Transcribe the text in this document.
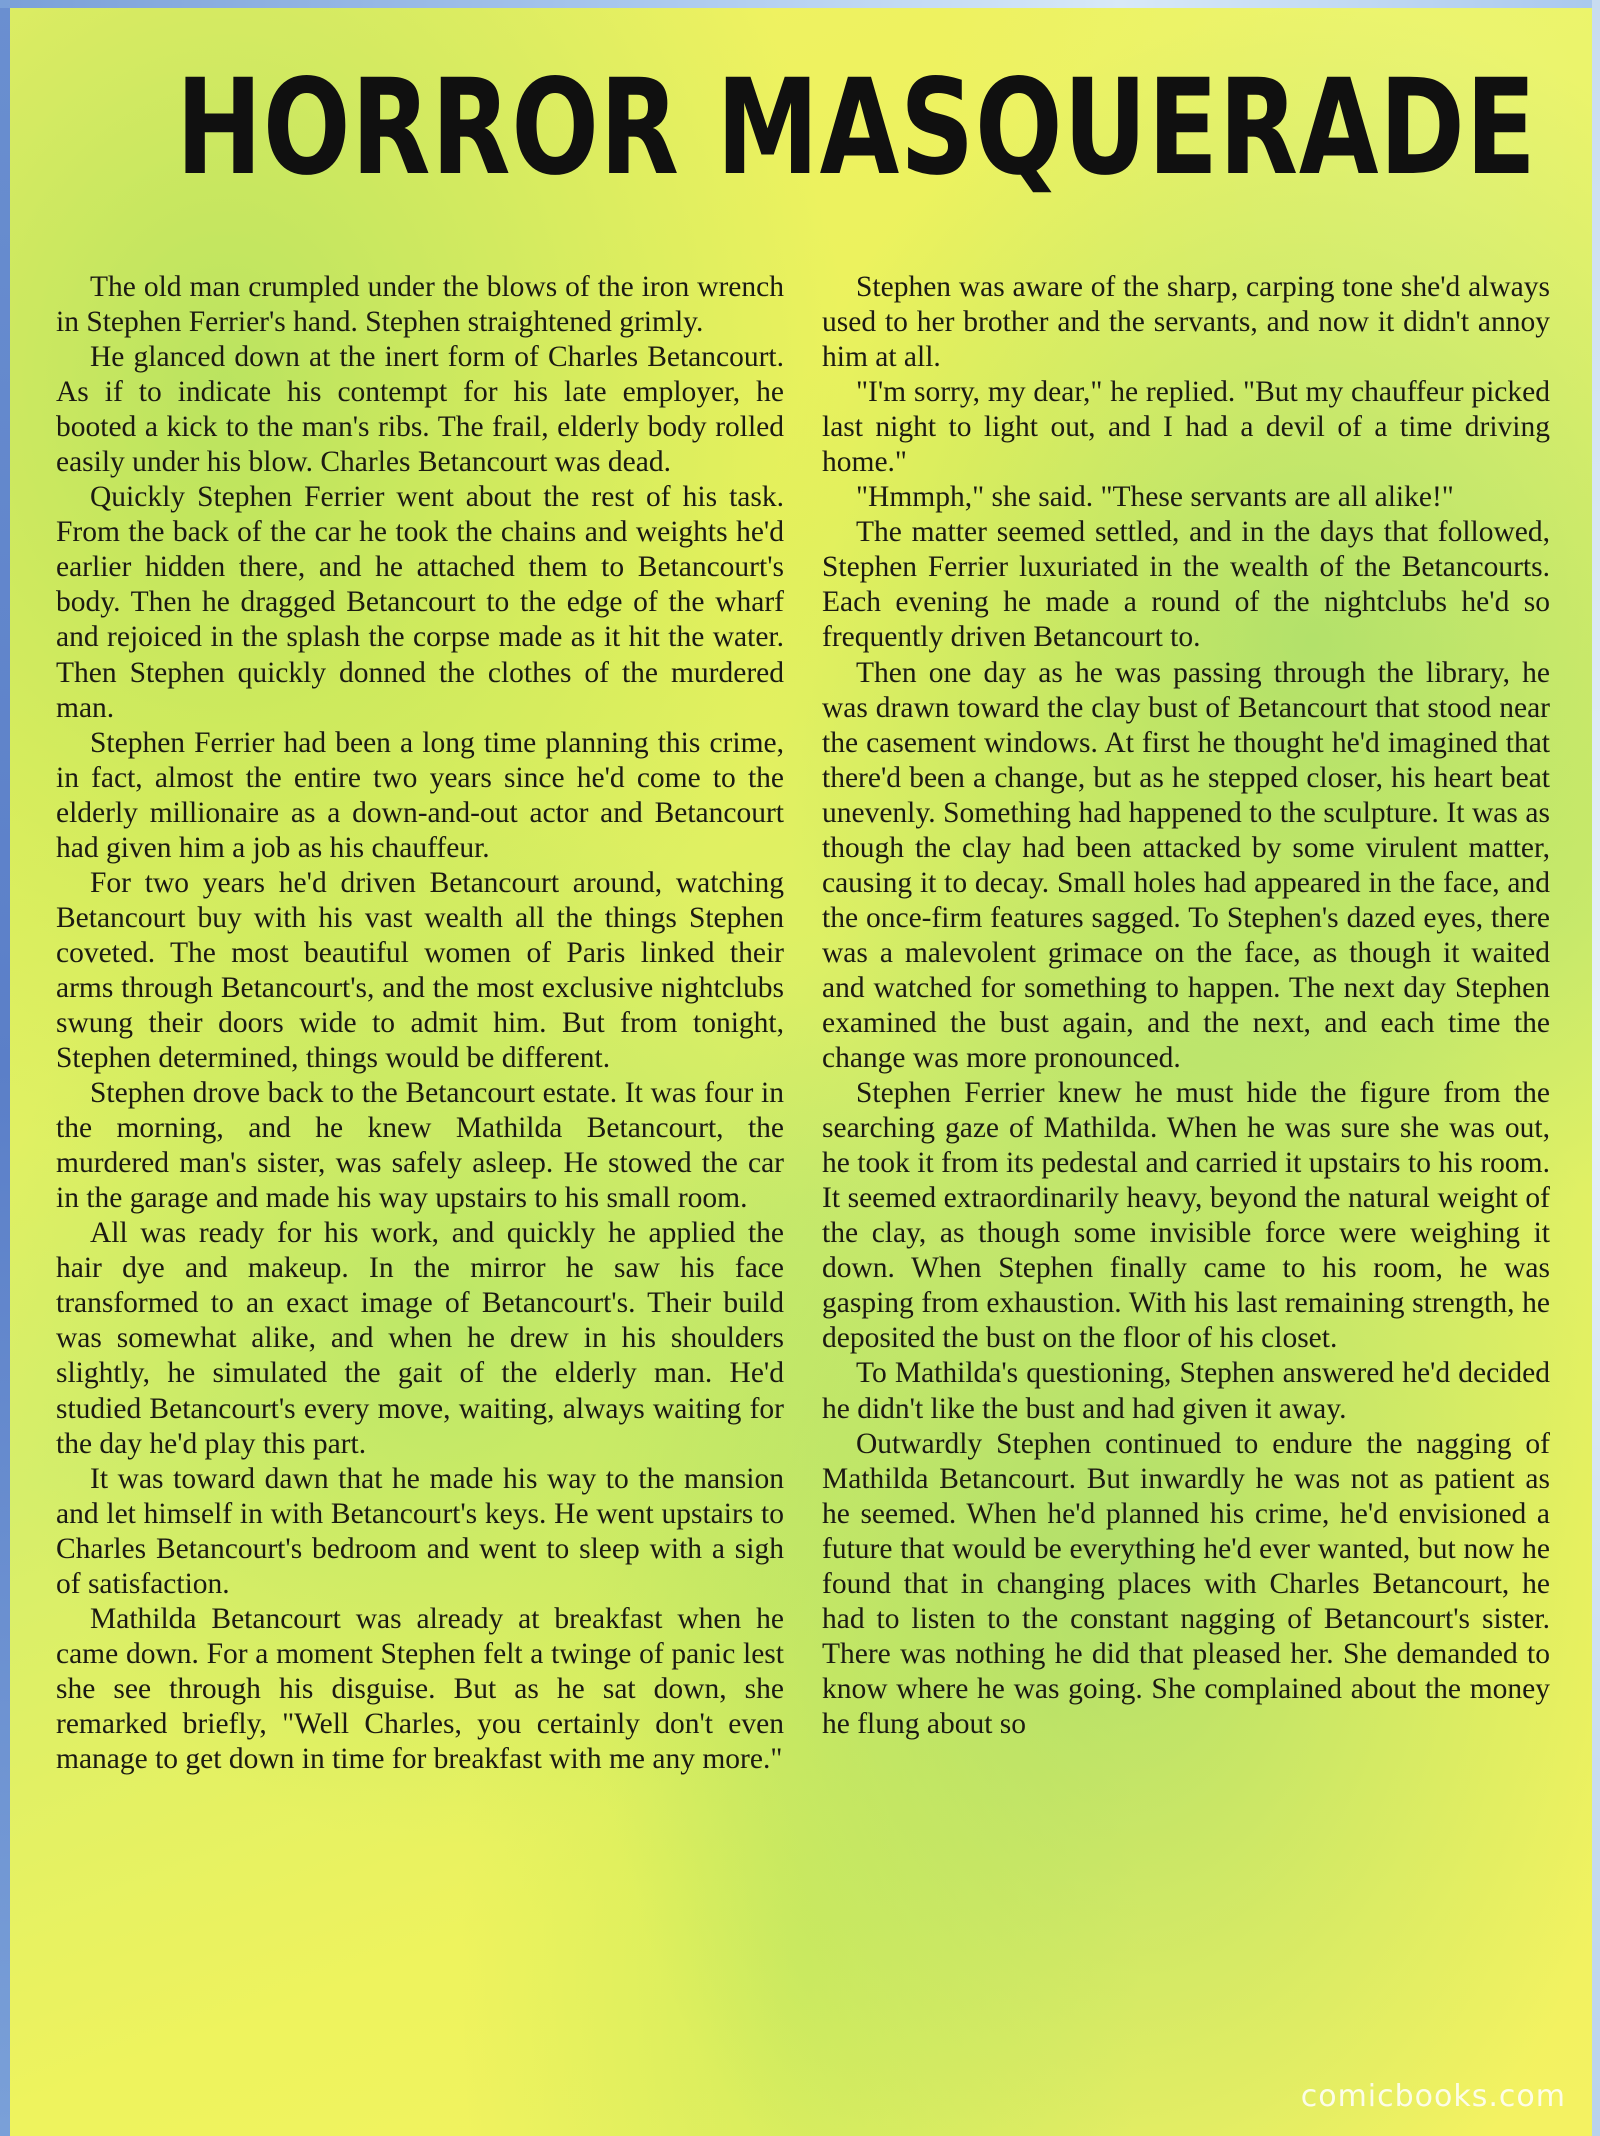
HORROR MASQUERADE

The old man crumpled under the blows of the iron wrench in Stephen Ferrier's hand. Stephen straightened grimly.

He glanced down at the inert form of Charles Betancourt. As if to indicate his contempt for his late employer, he booted a kick to the man's ribs. The frail, elderly body rolled easily under his blow. Charles Betancourt was dead.

Quickly Stephen Ferrier went about the rest of his task. From the back of the car he took the chains and weights he'd earlier hidden there, and he attached them to Betancourt's body. Then he dragged Betancourt to the edge of the wharf and rejoiced in the splash the corpse made as it hit the water. Then Stephen quickly donned the clothes of the murdered man.

Stephen Ferrier had been a long time planning this crime, in fact, almost the entire two years since he'd come to the elderly millionaire as a down-and-out actor and Betancourt had given him a job as his chauffeur.

For two years he'd driven Betancourt around, watching Betancourt buy with his vast wealth all the things Stephen coveted. The most beautiful women of Paris linked their arms through Betancourt's, and the most exclusive nightclubs swung their doors wide to admit him. But from tonight, Stephen determined, things would be different.

Stephen drove back to the Betancourt estate. It was four in the morning, and he knew Mathilda Betancourt, the murdered man's sister, was safely asleep. He stowed the car in the garage and made his way upstairs to his small room.

All was ready for his work, and quickly he applied the hair dye and makeup. In the mirror he saw his face transformed to an exact image of Betancourt's. Their build was somewhat alike, and when he drew in his shoulders slightly, he simulated the gait of the elderly man. He'd studied Betancourt's every move, waiting, always waiting for the day he'd play this part.

It was toward dawn that he made his way to the mansion and let himself in with Betancourt's keys. He went upstairs to Charles Betancourt's bedroom and went to sleep with a sigh of satisfaction.

Mathilda Betancourt was already at breakfast when he came down. For a moment Stephen felt a twinge of panic lest she see through his disguise. But as he sat down, she remarked briefly, "Well Charles, you certainly don't even manage to get down in time for breakfast with me any more."

Stephen was aware of the sharp, carping tone she'd always used to her brother and the servants, and now it didn't annoy him at all.

"I'm sorry, my dear," he replied. "But my chauffeur picked last night to light out, and I had a devil of a time driving home."

"Hmmph," she said. "These servants are all alike!"

The matter seemed settled, and in the days that followed, Stephen Ferrier luxuriated in the wealth of the Betancourts. Each evening he made a round of the nightclubs he'd so frequently driven Betancourt to.

Then one day as he was passing through the library, he was drawn toward the clay bust of Betancourt that stood near the casement windows. At first he thought he'd imagined that there'd been a change, but as he stepped closer, his heart beat unevenly. Something had happened to the sculpture. It was as though the clay had been attacked by some virulent matter, causing it to decay. Small holes had appeared in the face, and the once-firm features sagged. To Stephen's dazed eyes, there was a malevolent grimace on the face, as though it waited and watched for something to happen. The next day Stephen examined the bust again, and the next, and each time the change was more pronounced.

Stephen Ferrier knew he must hide the figure from the searching gaze of Mathilda. When he was sure she was out, he took it from its pedestal and carried it upstairs to his room. It seemed extraordinarily heavy, beyond the natural weight of the clay, as though some invisible force were weighing it down. When Stephen finally came to his room, he was gasping from exhaustion. With his last remaining strength, he deposited the bust on the floor of his closet.

To Mathilda's questioning, Stephen answered he'd decided he didn't like the bust and had given it away.

Outwardly Stephen continued to endure the nagging of Mathilda Betancourt. But inwardly he was not as patient as he seemed. When he'd planned his crime, he'd envisioned a future that would be everything he'd ever wanted, but now he found that in changing places with Charles Betancourt, he had to listen to the constant nagging of Betancourt's sister. There was nothing he did that pleased her. She demanded to know where he was going. She complained about the money he flung about so

comicbooks.com
